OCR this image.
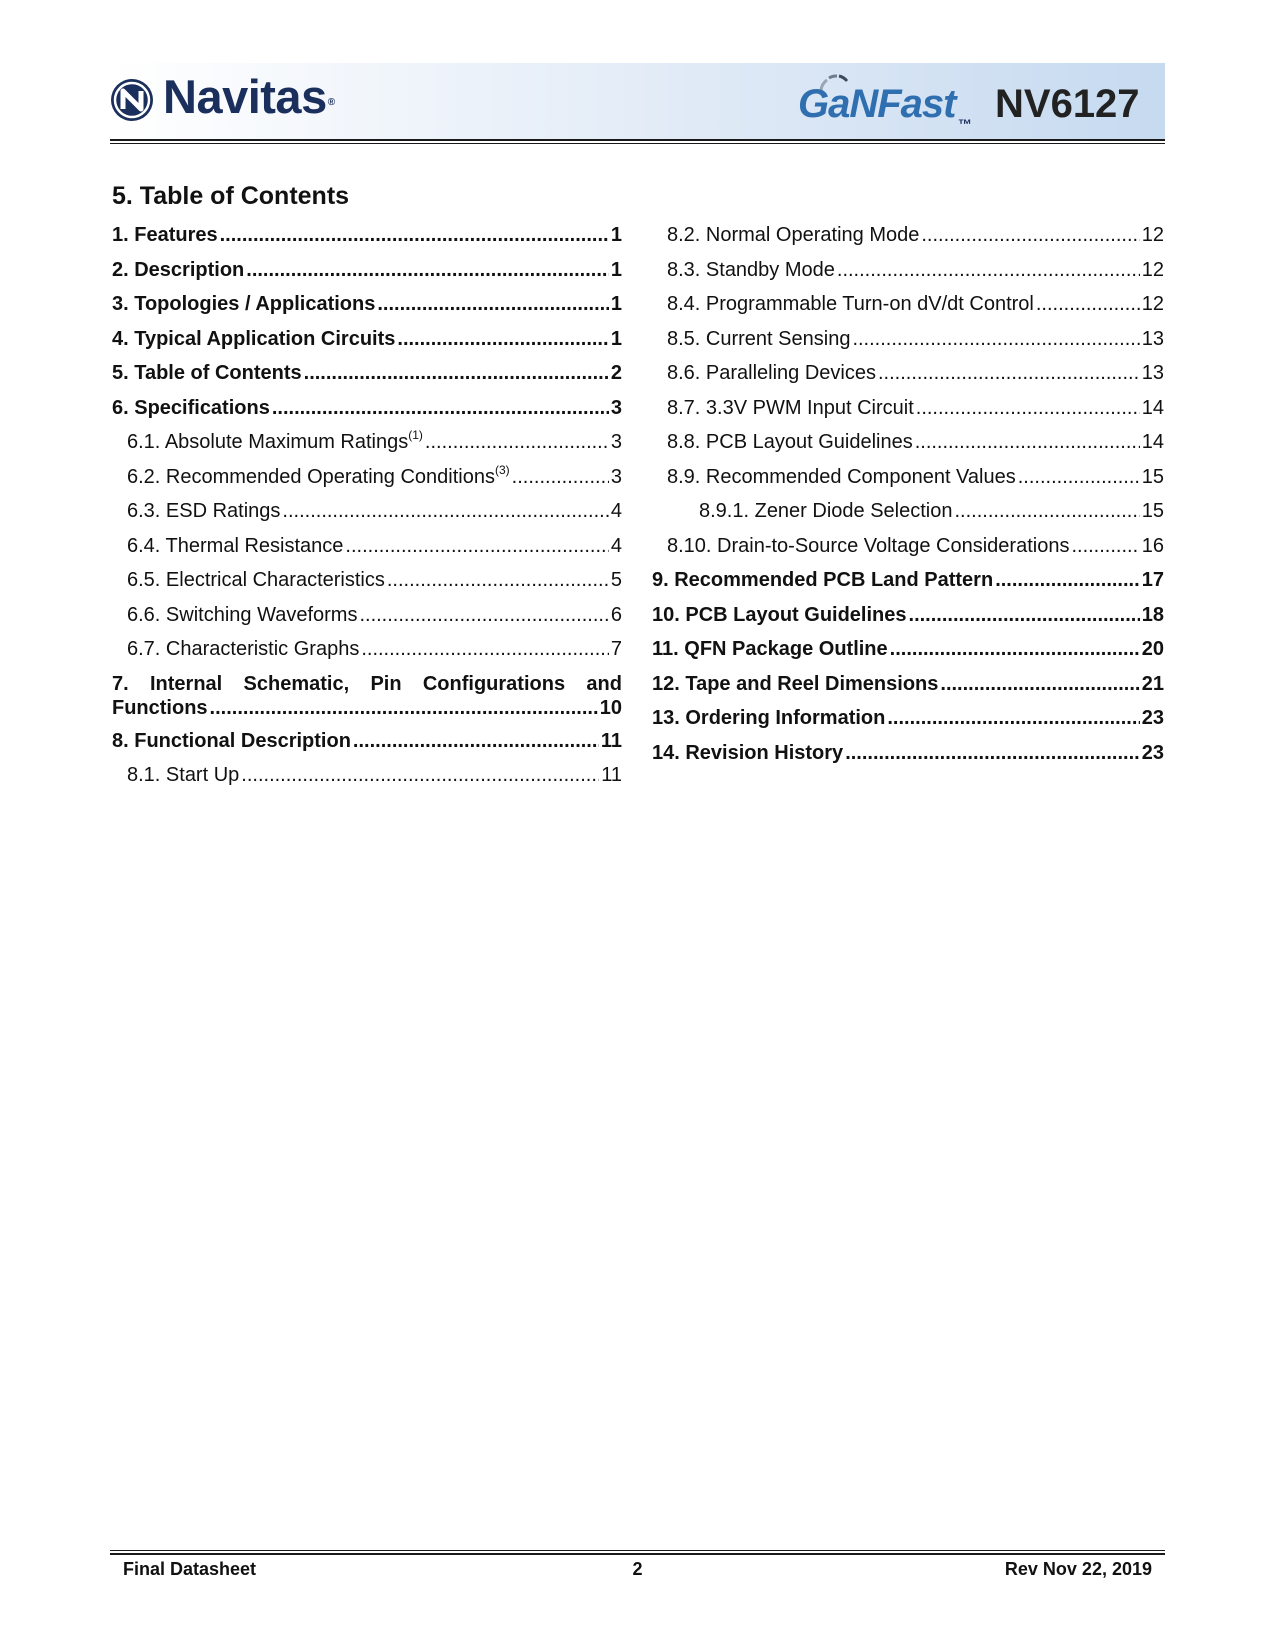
Navitas®	GaNFast ™ NV6127
5. Table of Contents
1. Features .....	1
2. Description .....	1
3. Topologies / Applications .....	1
4. Typical Application Circuits .....	1
5. Table of Contents .....	2
6. Specifications .....	3
6.1. Absolute Maximum Ratings$^{(1)}$ .....	3
6.2. Recommended Operating Conditions$^{(3)}$ .....	3
6.3. ESD Ratings .....	4
6.4. Thermal Resistance .....	4
6.5. Electrical Characteristics .....	5
6.6. Switching Waveforms .....	6
6.7. Characteristic Graphs .....	7
7. Internal Schematic, Pin Configurations and
Functions .....	10
8. Functional Description .....	11
8.1. Start Up .....	11
8.2. Normal Operating Mode .....	12
8.3. Standby Mode .....	12
8.4. Programmable Turn-on dV/dt Control .....	12
8.5. Current Sensing .....	13
8.6. Paralleling Devices .....	13
8.7. 3.3V PWM Input Circuit .....	14
8.8. PCB Layout Guidelines .....	14
8.9. Recommended Component Values .....	15
8.9.1. Zener Diode Selection .....	15
8.10. Drain-to-Source Voltage Considerations .....	16
9. Recommended PCB Land Pattern .....	17
10. PCB Layout Guidelines .....	18
11. QFN Package Outline .....	20
12. Tape and Reel Dimensions .....	21
13. Ordering Information .....	23
14. Revision History .....	23
Final Datasheet	2	Rev Nov 22, 2019
